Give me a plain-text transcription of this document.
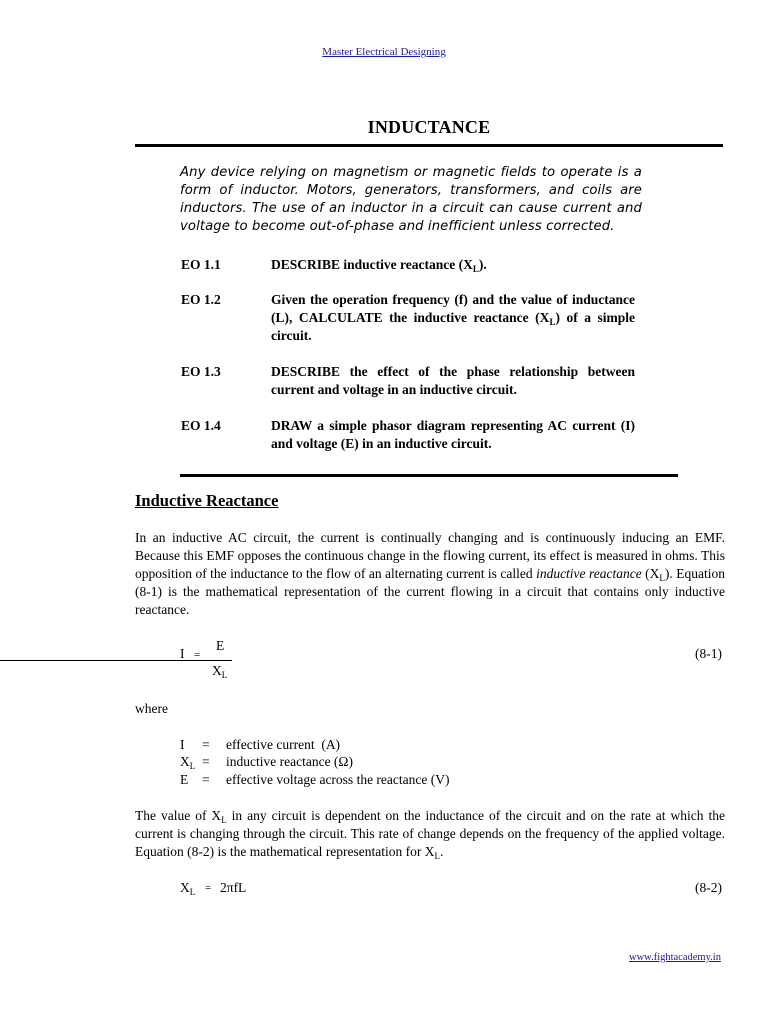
Master Electrical Designing
INDUCTANCE
Any device relying on magnetism or magnetic fields to operate is a form of inductor. Motors, generators, transformers, and coils are inductors. The use of an inductor in a circuit can cause current and voltage to become out-of-phase and inefficient unless corrected.
EO 1.1	DESCRIBE inductive reactance $(X_L)$.
EO 1.2	Given the operation frequency (f) and the value of inductance (L), CALCULATE the inductive reactance $(X_L)$ of a simple circuit.
EO 1.3	DESCRIBE the effect of the phase relationship between current and voltage in an inductive circuit.
EO 1.4	DRAW a simple phasor diagram representing AC current (I) and voltage (E) in an inductive circuit.
Inductive Reactance
In an inductive AC circuit, the current is continually changing and is continuously inducing an EMF. Because this EMF opposes the continuous change in the flowing current, its effect is measured in ohms. This opposition of the inductance to the flow of an alternating current is called inductive reactance $(X_L)$. Equation (8-1) is the mathematical representation of the current flowing in a circuit that contains only inductive reactance.
I =
E
$X_L$
(8-1)
where
I = effective current  (A)
$X_L$ = inductive reactance (Ω)
E = effective voltage across the reactance (V)
The value of $X_L$ in any circuit is dependent on the inductance of the circuit and on the rate at which the current is changing through the circuit. This rate of change depends on the frequency of the applied voltage. Equation (8-2) is the mathematical representation for $X_L$.
$X_L = 2\pi fL$	(8-2)
www.fightacademy.in
